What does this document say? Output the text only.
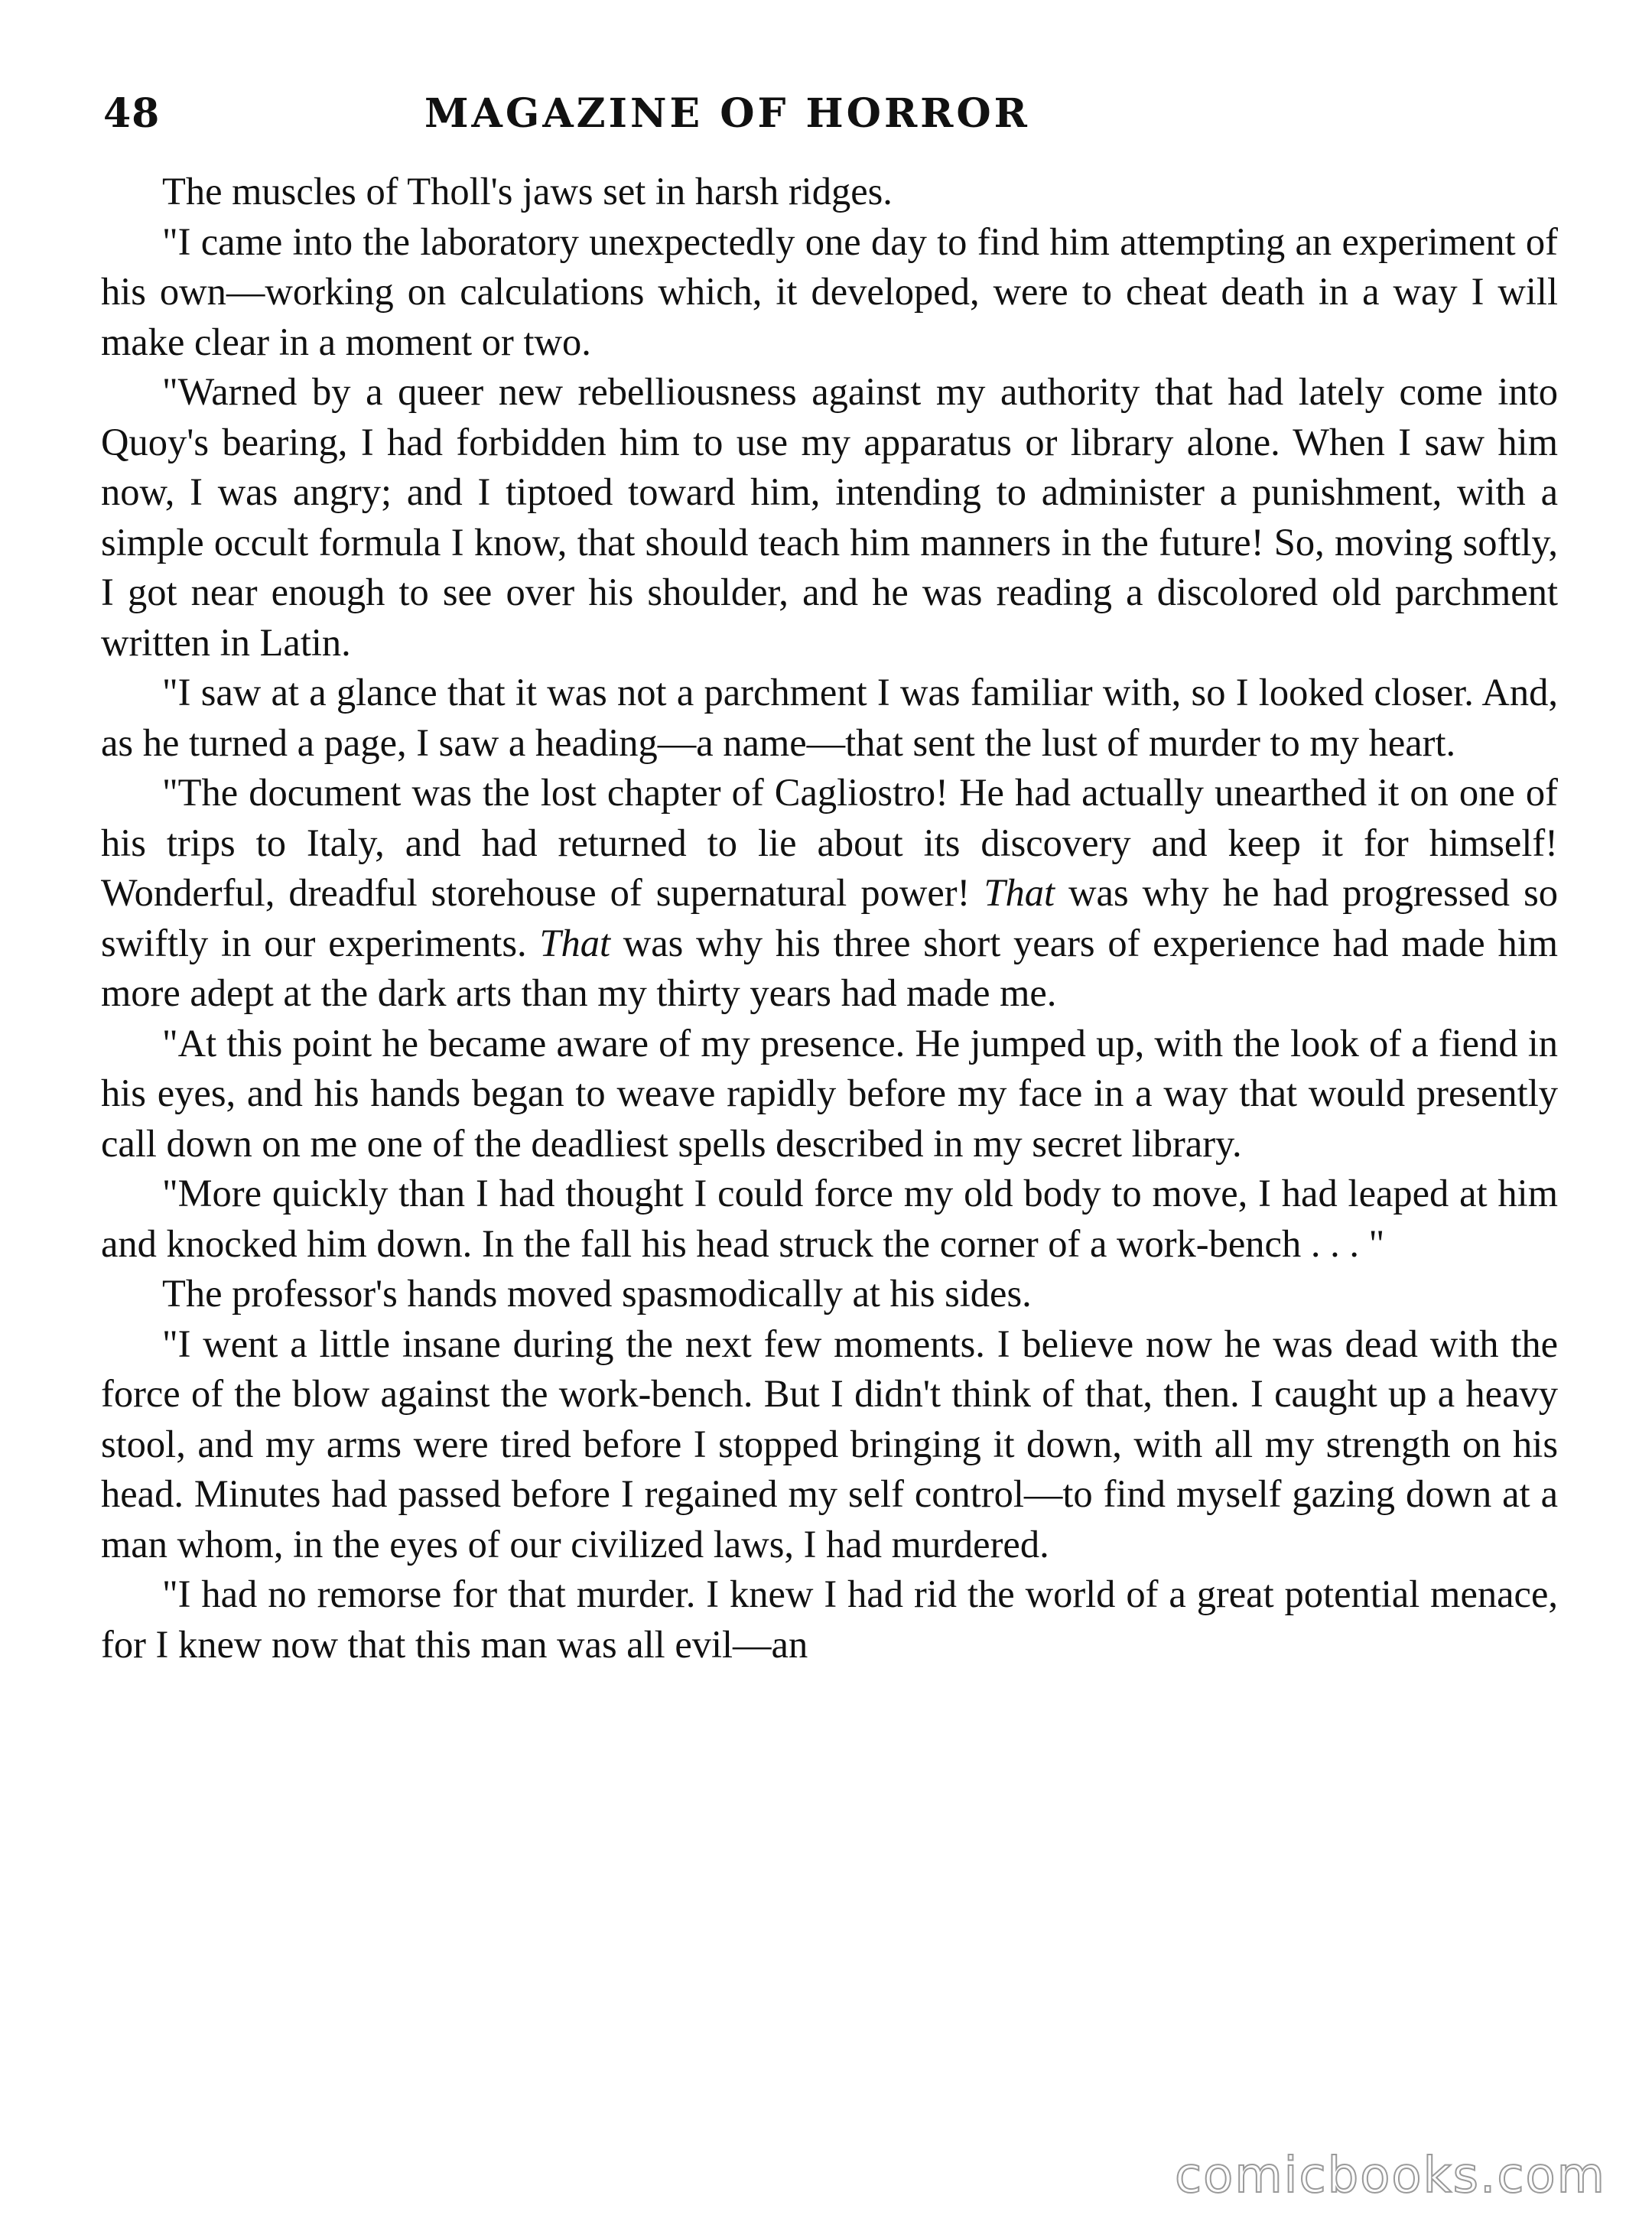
48	MAGAZINE OF HORROR

The muscles of Tholl's jaws set in harsh ridges.

"I came into the laboratory unexpectedly one day to find him attempting an experiment of his own—working on calculations which, it developed, were to cheat death in a way I will make clear in a moment or two.

"Warned by a queer new rebelliousness against my authority that had lately come into Quoy's bearing, I had forbidden him to use my apparatus or library alone. When I saw him now, I was angry; and I tiptoed toward him, intending to administer a punishment, with a simple occult formula I know, that should teach him manners in the future! So, moving softly, I got near enough to see over his shoulder, and he was reading a discolored old parchment written in Latin.

"I saw at a glance that it was not a parchment I was familiar with, so I looked closer. And, as he turned a page, I saw a heading—a name—that sent the lust of murder to my heart.

"The document was the lost chapter of Cagliostro! He had actually unearthed it on one of his trips to Italy, and had returned to lie about its discovery and keep it for himself! Wonderful, dreadful storehouse of supernatural power! That was why he had progressed so swiftly in our experiments. That was why his three short years of experience had made him more adept at the dark arts than my thirty years had made me.

"At this point he became aware of my presence. He jumped up, with the look of a fiend in his eyes, and his hands began to weave rapidly before my face in a way that would presently call down on me one of the deadliest spells described in my secret library.

"More quickly than I had thought I could force my old body to move, I had leaped at him and knocked him down. In the fall his head struck the corner of a work-bench . . . "

The professor's hands moved spasmodically at his sides.

"I went a little insane during the next few moments. I believe now he was dead with the force of the blow against the work-bench. But I didn't think of that, then. I caught up a heavy stool, and my arms were tired before I stopped bringing it down, with all my strength on his head. Minutes had passed before I regained my self control—to find myself gazing down at a man whom, in the eyes of our civilized laws, I had murdered.

"I had no remorse for that murder. I knew I had rid the world of a great potential menace, for I knew now that this man was all evil—an

comicbooks.com
